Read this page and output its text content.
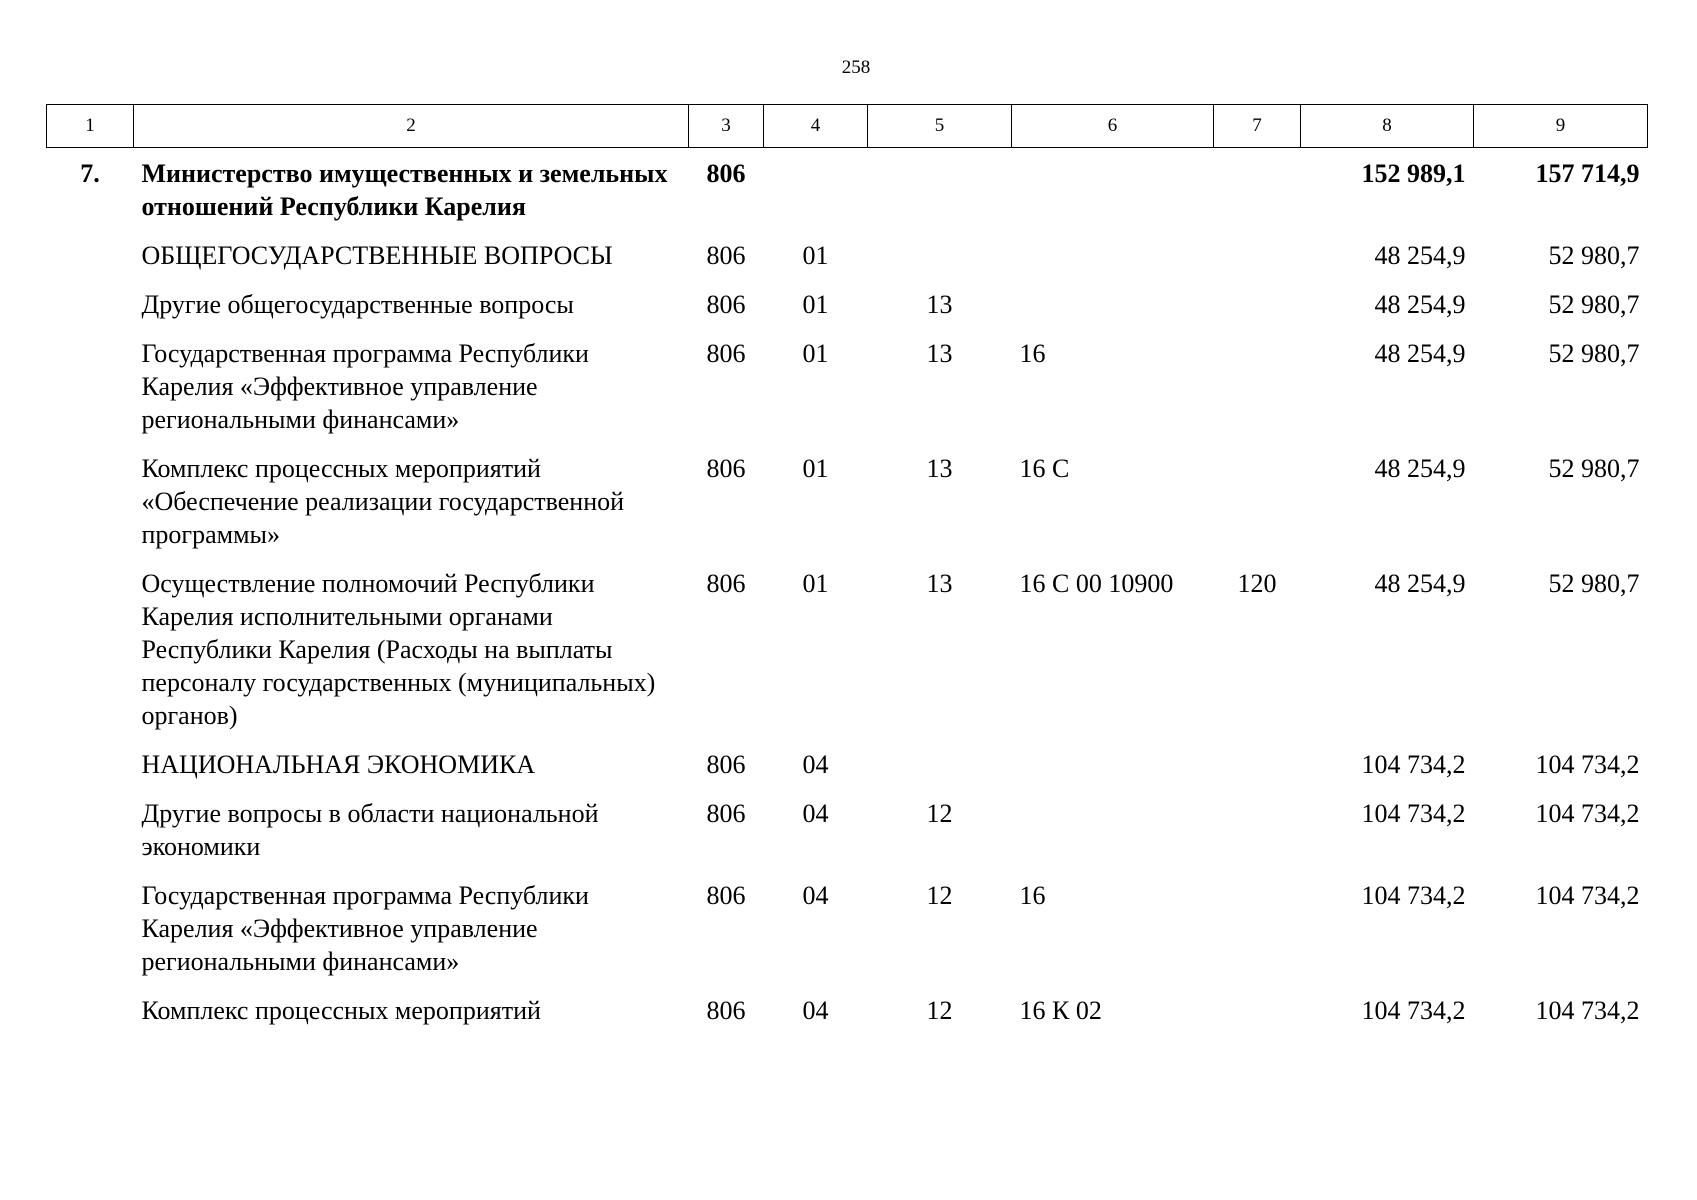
258
1	2	3	4	5	6	7	8	9
7.	Министерство имущественных и земельных отношений Республики Карелия	806					152 989,1	157 714,9
	ОБЩЕГОСУДАРСТВЕННЫЕ ВОПРОСЫ	806	01				48 254,9	52 980,7
	Другие общегосударственные вопросы	806	01	13			48 254,9	52 980,7
	Государственная программа Республики Карелия «Эффективное управление региональными финансами»	806	01	13	16		48 254,9	52 980,7
	Комплекс процессных мероприятий «Обеспечение реализации государственной программы»	806	01	13	16 С		48 254,9	52 980,7
	Осуществление полномочий Республики Карелия исполнительными органами Республики Карелия (Расходы на выплаты персоналу государственных (муниципальных) органов)	806	01	13	16 С 00 10900	120	48 254,9	52 980,7
	НАЦИОНАЛЬНАЯ ЭКОНОМИКА	806	04				104 734,2	104 734,2
	Другие вопросы в области национальной экономики	806	04	12			104 734,2	104 734,2
	Государственная программа Республики Карелия «Эффективное управление региональными финансами»	806	04	12	16		104 734,2	104 734,2
	Комплекс процессных мероприятий	806	04	12	16 К 02		104 734,2	104 734,2
